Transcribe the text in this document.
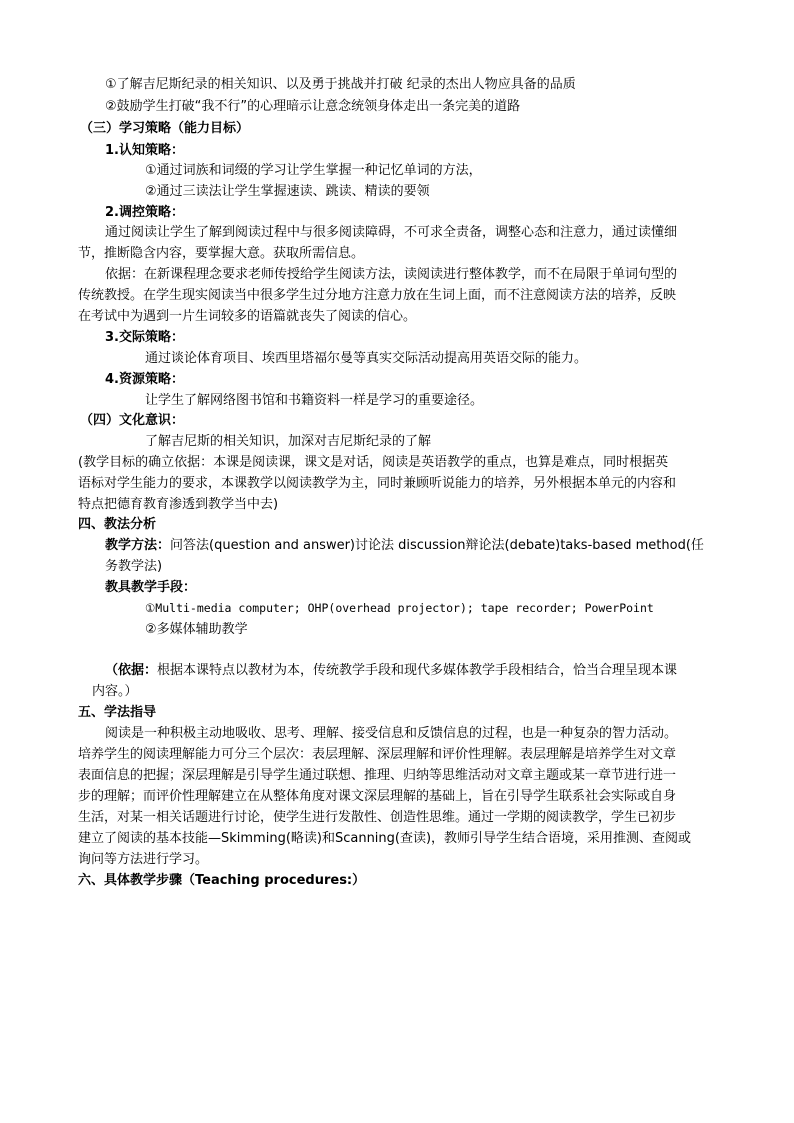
①了解吉尼斯纪录的相关知识、以及勇于挑战并打破 纪录的杰出人物应具备的品质
②鼓励学生打破“我不行”的心理暗示让意念统领身体走出一条完美的道路
（三）学习策略（能力目标）
1.认知策略：
①通过词族和词缀的学习让学生掌握一种记忆单词的方法，
②通过三读法让学生掌握速读、跳读、精读的要领
2.调控策略：
通过阅读让学生了解到阅读过程中与很多阅读障碍，不可求全责备，调整心态和注意力，通过读懂细
节，推断隐含内容，要掌握大意。获取所需信息。
依据：在新课程理念要求老师传授给学生阅读方法，读阅读进行整体教学，而不在局限于单词句型的
传统教授。在学生现实阅读当中很多学生过分地方注意力放在生词上面，而不注意阅读方法的培养，反映
在考试中为遇到一片生词较多的语篇就丧失了阅读的信心。
3.交际策略：
通过谈论体育项目、埃西里塔福尔曼等真实交际活动提高用英语交际的能力。
4.资源策略：
让学生了解网络图书馆和书籍资料一样是学习的重要途径。
（四）文化意识：
了解吉尼斯的相关知识，加深对吉尼斯纪录的了解
(教学目标的确立依据：本课是阅读课，课文是对话，阅读是英语教学的重点，也算是难点，同时根据英
语标对学生能力的要求，本课教学以阅读教学为主，同时兼顾听说能力的培养，另外根据本单元的内容和
特点把德育教育渗透到教学当中去)
四、教法分析
教学方法：问答法(question and answer)讨论法 discussion辩论法(debate)taks-based method(任
务教学法)
教具教学手段：
①Multi-media computer; OHP(overhead projector); tape recorder; PowerPoint
②多媒体辅助教学
（依据：根据本课特点以教材为本，传统教学手段和现代多媒体教学手段相结合，恰当合理呈现本课
内容。）
五、学法指导
阅读是一种积极主动地吸收、思考、理解、接受信息和反馈信息的过程，也是一种复杂的智力活动。
培养学生的阅读理解能力可分三个层次：表层理解、深层理解和评价性理解。表层理解是培养学生对文章
表面信息的把握；深层理解是引导学生通过联想、推理、归纳等思维活动对文章主题或某一章节进行进一
步的理解；而评价性理解建立在从整体角度对课文深层理解的基础上，旨在引导学生联系社会实际或自身
生活，对某一相关话题进行讨论，使学生进行发散性、创造性思维。通过一学期的阅读教学，学生已初步
建立了阅读的基本技能—Skimming(略读)和Scanning(查读)，教师引导学生结合语境，采用推测、查阅或
询问等方法进行学习。
六、具体教学步骤（Teaching procedures:）
